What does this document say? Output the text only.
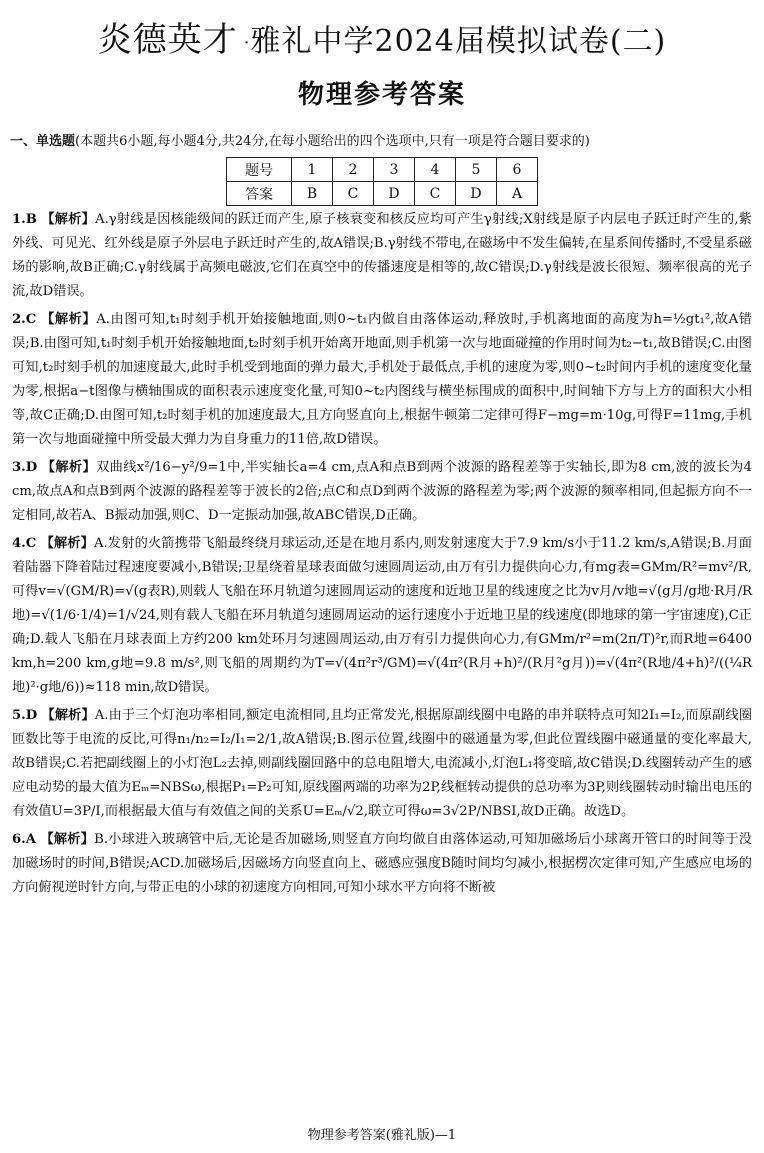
炎德英才 ·雅礼中学2024届模拟试卷(二)
物理参考答案
一、单选题(本题共6小题,每小题4分,共24分,在每小题给出的四个选项中,只有一项是符合题目要求的)
题号	1	2	3	4	5	6
答案	B	C	D	C	D	A

1.B 【解析】A.γ射线是因核能级间的跃迁而产生,原子核衰变和核反应均可产生γ射线;X射线是原子内层电子跃迁时产生的,紫外线、可见光、红外线是原子外层电子跃迁时产生的,故A错误;B.γ射线不带电,在磁场中不发生偏转,在星系间传播时,不受星系磁场的影响,故B正确;C.γ射线属于高频电磁波,它们在真空中的传播速度是相等的,故C错误;D.γ射线是波长很短、频率很高的光子流,故D错误。

2.C 【解析】A.由图可知,t₁时刻手机开始接触地面,则0~t₁内做自由落体运动,释放时,手机离地面的高度为h=½gt₁²,故A错误;B.由图可知,t₁时刻手机开始接触地面,t₂时刻手机开始离开地面,则手机第一次与地面碰撞的作用时间为t₂−t₁,故B错误;C.由图可知,t₂时刻手机的加速度最大,此时手机受到地面的弹力最大,手机处于最低点,手机的速度为零,则0~t₂时间内手机的速度变化量为零,根据a−t图像与横轴围成的面积表示速度变化量,可知0~t₂内图线与横坐标围成的面积中,时间轴下方与上方的面积大小相等,故C正确;D.由图可知,t₂时刻手机的加速度最大,且方向竖直向上,根据牛顿第二定律可得F−mg=m·10g,可得F=11mg,手机第一次与地面碰撞中所受最大弹力为自身重力的11倍,故D错误。

3.D 【解析】双曲线x²/16−y²/9=1中,半实轴长a=4 cm,点A和点B到两个波源的路程差等于实轴长,即为8 cm,波的波长为4 cm,故点A和点B到两个波源的路程差等于波长的2倍;点C和点D到两个波源的路程差为零;两个波源的频率相同,但起振方向不一定相同,故若A、B振动加强,则C、D一定振动加强,故ABC错误,D正确。

4.C 【解析】A.发射的火箭携带飞船最终绕月球运动,还是在地月系内,则发射速度大于7.9 km/s小于11.2 km/s,A错误;B.月面着陆器下降着陆过程速度要减小,B错误;卫星绕着星球表面做匀速圆周运动,由万有引力提供向心力,有mg表=GMm/R²=mv²/R,可得v=√(GM/R)=√(g表R),则载人飞船在环月轨道匀速圆周运动的速度和近地卫星的线速度之比为v月/v地=√(g月/g地·R月/R地)=√(1/6·1/4)=1/√24,则有载人飞船在环月轨道匀速圆周运动的运行速度小于近地卫星的线速度(即地球的第一宇宙速度),C正确;D.载人飞船在月球表面上方约200 km处环月匀速圆周运动,由万有引力提供向心力,有GMm/r²=m(2π/T)²r,而R地=6400 km,h=200 km,g地=9.8 m/s²,则飞船的周期约为T=√(4π²r³/GM)=√(4π²(R月+h)²/(R月²g月))=√(4π²(R地/4+h)²/((¼R地)²·g地/6))≈118 min,故D错误。

5.D 【解析】A.由于三个灯泡功率相同,额定电流相同,且均正常发光,根据原副线圈中电路的串并联特点可知2I₁=I₂,而原副线圈匝数比等于电流的反比,可得n₁/n₂=I₂/I₁=2/1,故A错误;B.图示位置,线圈中的磁通量为零,但此位置线圈中磁通量的变化率最大,故B错误;C.若把副线圈上的小灯泡L₂去掉,则副线圈回路中的总电阻增大,电流减小,灯泡L₁将变暗,故C错误;D.线圈转动产生的感应电动势的最大值为Eₘ=NBSω,根据P₁=P₂可知,原线圈两端的功率为2P,线框转动提供的总功率为3P,则线圈转动时输出电压的有效值U=3P/I,而根据最大值与有效值之间的关系U=Eₘ/√2,联立可得ω=3√2P/NBSI,故D正确。故选D。

6.A 【解析】B.小球进入玻璃管中后,无论是否加磁场,则竖直方向均做自由落体运动,可知加磁场后小球离开管口的时间等于没加磁场时的时间,B错误;ACD.加磁场后,因磁场方向竖直向上、磁感应强度B随时间均匀减小,根据楞次定律可知,产生感应电场的方向俯视逆时针方向,与带正电的小球的初速度方向相同,可知小球水平方向将不断被

物理参考答案(雅礼版)—1
